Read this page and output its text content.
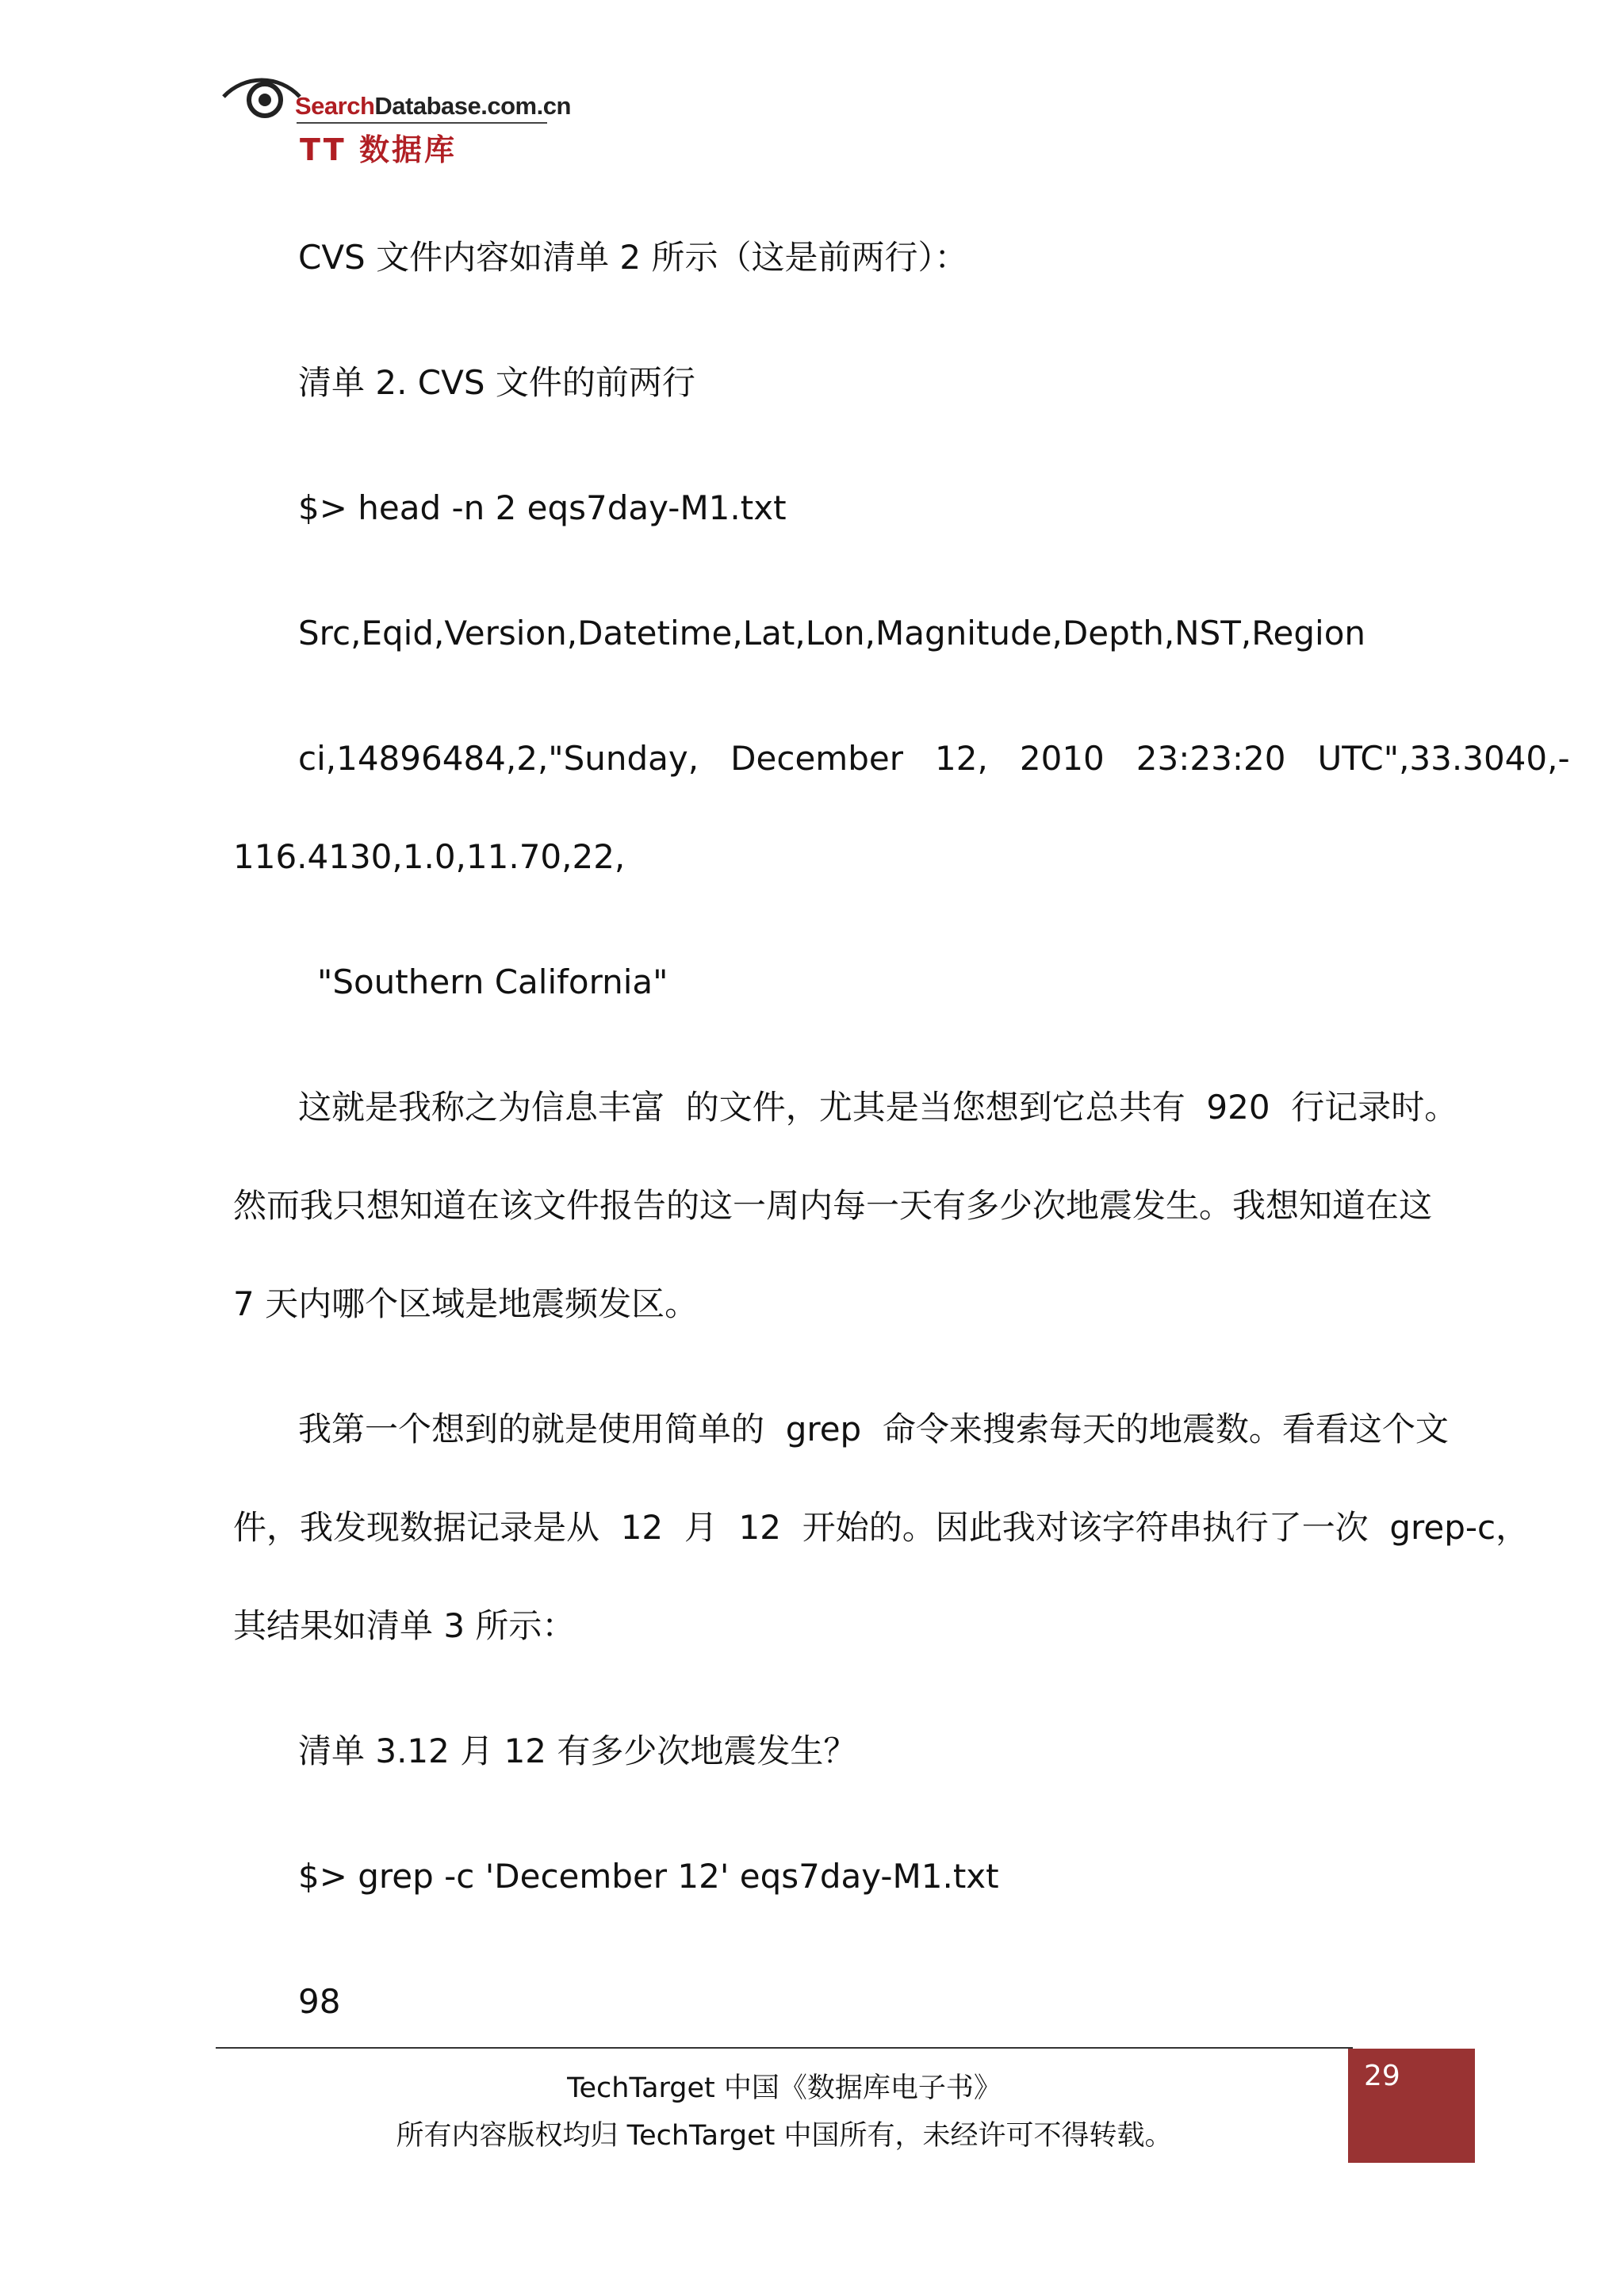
SearchDatabase.com.cn
TT 数据库
CVS 文件内容如清单 2 所示（这是前两行）：
清单 2. CVS 文件的前两行
$> head -n 2 eqs7day-M1.txt
Src,Eqid,Version,Datetime,Lat,Lon,Magnitude,Depth,NST,Region
ci,14896484,2,"Sunday,   December   12,   2010   23:23:20   UTC",33.3040,-
116.4130,1.0,11.70,22,
"Southern California"
这就是我称之为信息丰富  的文件，尤其是当您想到它总共有  920  行记录时。
然而我只想知道在该文件报告的这一周内每一天有多少次地震发生。我想知道在这
7 天内哪个区域是地震频发区。
我第一个想到的就是使用简单的  grep  命令来搜索每天的地震数。看看这个文
件，我发现数据记录是从  12  月  12  开始的。因此我对该字符串执行了一次  grep-c，
其结果如清单 3 所示：
清单 3.12 月 12 有多少次地震发生？
$> grep -c 'December 12' eqs7day-M1.txt
98
TechTarget 中国《数据库电子书》
所有内容版权均归 TechTarget 中国所有，未经许可不得转载。
29
